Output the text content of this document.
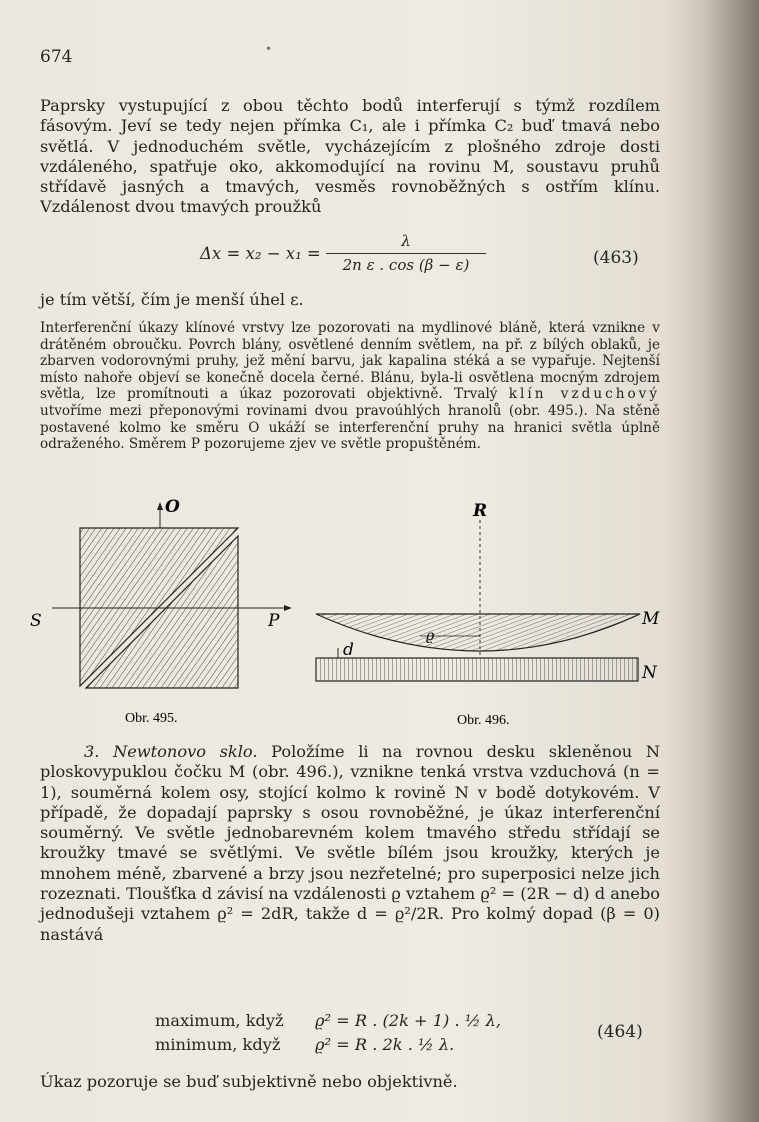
674	•
Paprsky vystupující z obou těchto bodů interferují s týmž rozdílem fásovým. Jeví se tedy nejen přímka C₁, ale i přímka C₂ buď tmavá nebo světlá. V jednoduchém světle, vycházejícím z plošného zdroje dosti vzdáleného, spatřuje oko, akkomodující na rovinu M, soustavu pruhů střídavě jasných a tmavých, vesměs rovnoběžných s ostřím klínu. Vzdálenost dvou tmavých proužků
Δx = x₂ − x₁ =
λ
2n ε . cos (β − ε)	(463)
je tím větší, čím je menší úhel ε.
Interferenční úkazy klínové vrstvy lze pozorovati na mydlinové bláně, která vznikne v drátěném obroučku. Povrch blány, osvětlené denním světlem, na př. z bílých oblaků, je zbarven vodorovnými pruhy, jež mění barvu, jak kapalina stéká a se vypařuje. Nejtenší místo nahoře objeví se konečně docela černé. Blánu, byla-li osvětlena mocným zdrojem světla, lze promítnouti a úkaz pozorovati objektivně. Trvalý klín vzduchový utvoříme mezi přeponovými rovinami dvou pravoúhlých hranolů (obr. 495.). Na stěně postavené kolmo ke směru O ukáží se interferenční pruhy na hranici světla úplně odraženého. Směrem P pozorujeme zjev ve světle propuštěném.
O
S	P
Obr. 495.
R
ϱ
d
M
N
Obr. 496.
3. Newtonovo sklo. Položíme li na rovnou desku skleněnou N ploskovypuklou čočku M (obr. 496.), vznikne tenká vrstva vzduchová (n = 1), souměrná kolem osy, stojící kolmo k rovině N v bodě dotykovém. V případě, že dopadají paprsky s osou rovnoběžné, je úkaz interferenční souměrný. Ve světle jednobarevném kolem tmavého středu střídají se kroužky tmavé se světlými. Ve světle bílém jsou kroužky, kterých je mnohem méně, zbarvené a brzy jsou nezřetelné; pro superposici nelze jich rozeznati. Tloušťka d závisí na vzdálenosti ϱ vztahem ϱ² = (2R − d) d anebo jednodušeji vztahem ϱ² = 2dR, takže d = ϱ²/2R. Pro kolmý dopad (β = 0) nastává
maximum, když ϱ² = R . (2k + 1) . ½ λ,
minimum, když ϱ² = R . 2k . ½ λ.
(464)
Úkaz pozoruje se buď subjektivně nebo objektivně.
